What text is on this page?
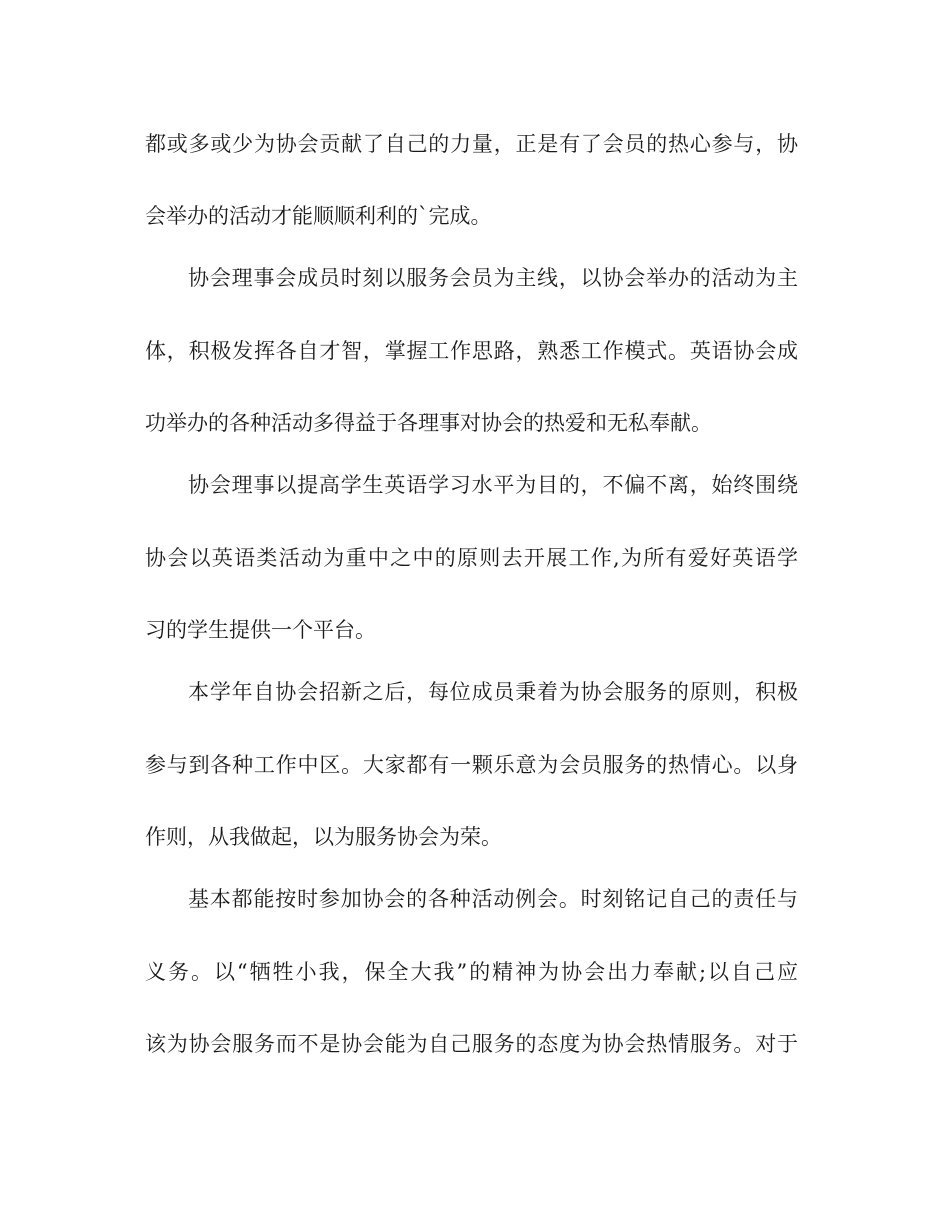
都或多或少为协会贡献了自己的力量，正是有了会员的热心参与，协
会举办的活动才能顺顺利利的`完成。
协会理事会成员时刻以服务会员为主线，以协会举办的活动为主
体，积极发挥各自才智，掌握工作思路，熟悉工作模式。英语协会成
功举办的各种活动多得益于各理事对协会的热爱和无私奉献。
协会理事以提高学生英语学习水平为目的，不偏不离，始终围绕
协会以英语类活动为重中之中的原则去开展工作,为所有爱好英语学
习的学生提供一个平台。
本学年自协会招新之后，每位成员秉着为协会服务的原则，积极
参与到各种工作中区。大家都有一颗乐意为会员服务的热情心。以身
作则，从我做起，以为服务协会为荣。
基本都能按时参加协会的各种活动例会。时刻铭记自己的责任与
义务。以“牺牲小我，保全大我”的精神为协会出力奉献;以自己应
该为协会服务而不是协会能为自己服务的态度为协会热情服务。对于
